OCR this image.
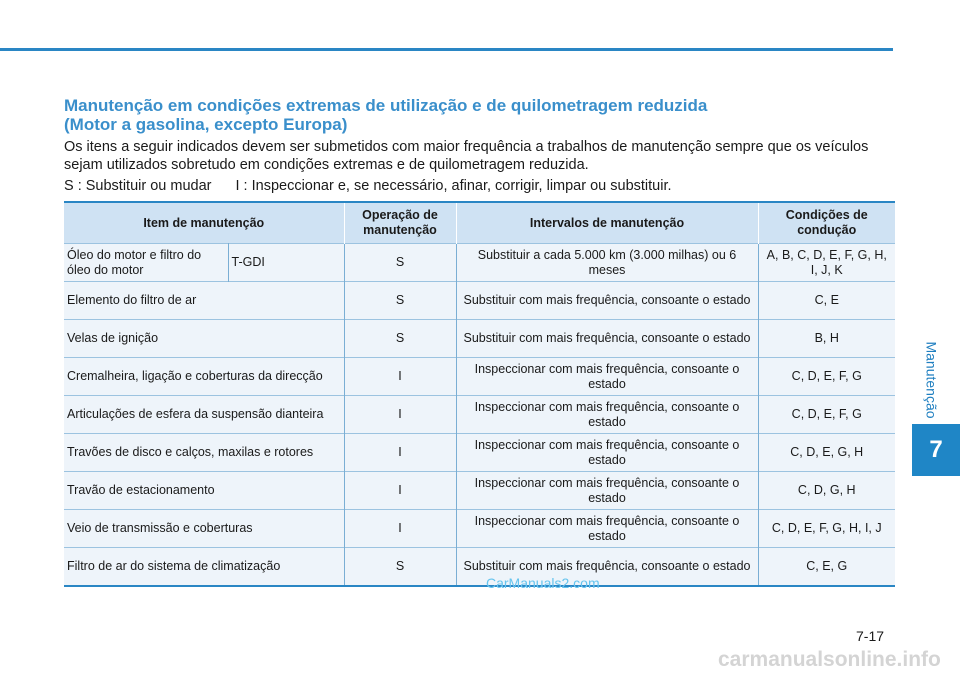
Manutenção
7
Manutenção em condições extremas de utilização e de quilometragem reduzida
(Motor a gasolina, excepto Europa)

Os itens a seguir indicados devem ser submetidos com maior frequência a trabalhos de manutenção sempre que os veículos sejam utilizados sobretudo em condições extremas e de quilometragem reduzida.

S : Substituir ou mudar I : Inspeccionar e, se necessário, afinar, corrigir, limpar ou substituir.
Item de manutenção		Operação de manutenção	Intervalos de manutenção	Condições de condução
Óleo do motor e filtro do óleo do motor	T-GDI	S	Substituir a cada 5.000 km (3.000 milhas) ou 6 meses	A, B, C, D, E, F, G, H, I, J, K
Elemento do filtro de ar		S	Substituir com mais frequência, consoante o estado	C, E
Velas de ignição		S	Substituir com mais frequência, consoante o estado	B, H
Cremalheira, ligação e coberturas da direcção		I	Inspeccionar com mais frequência, consoante o estado	C, D, E, F, G
Articulações de esfera da suspensão dianteira		I	Inspeccionar com mais frequência, consoante o estado	C, D, E, F, G
Travões de disco e calços, maxilas e rotores		I	Inspeccionar com mais frequência, consoante o estado	C, D, E, G, H
Travão de estacionamento		I	Inspeccionar com mais frequência, consoante o estado	C, D, G, H
Veio de transmissão e coberturas		I	Inspeccionar com mais frequência, consoante o estado	C, D, E, F, G, H, I, J
Filtro de ar do sistema de climatização		S	Substituir com mais frequência, consoante o estado	C, E, G
CarManuals2.com
7-17
carmanualsonline.info
